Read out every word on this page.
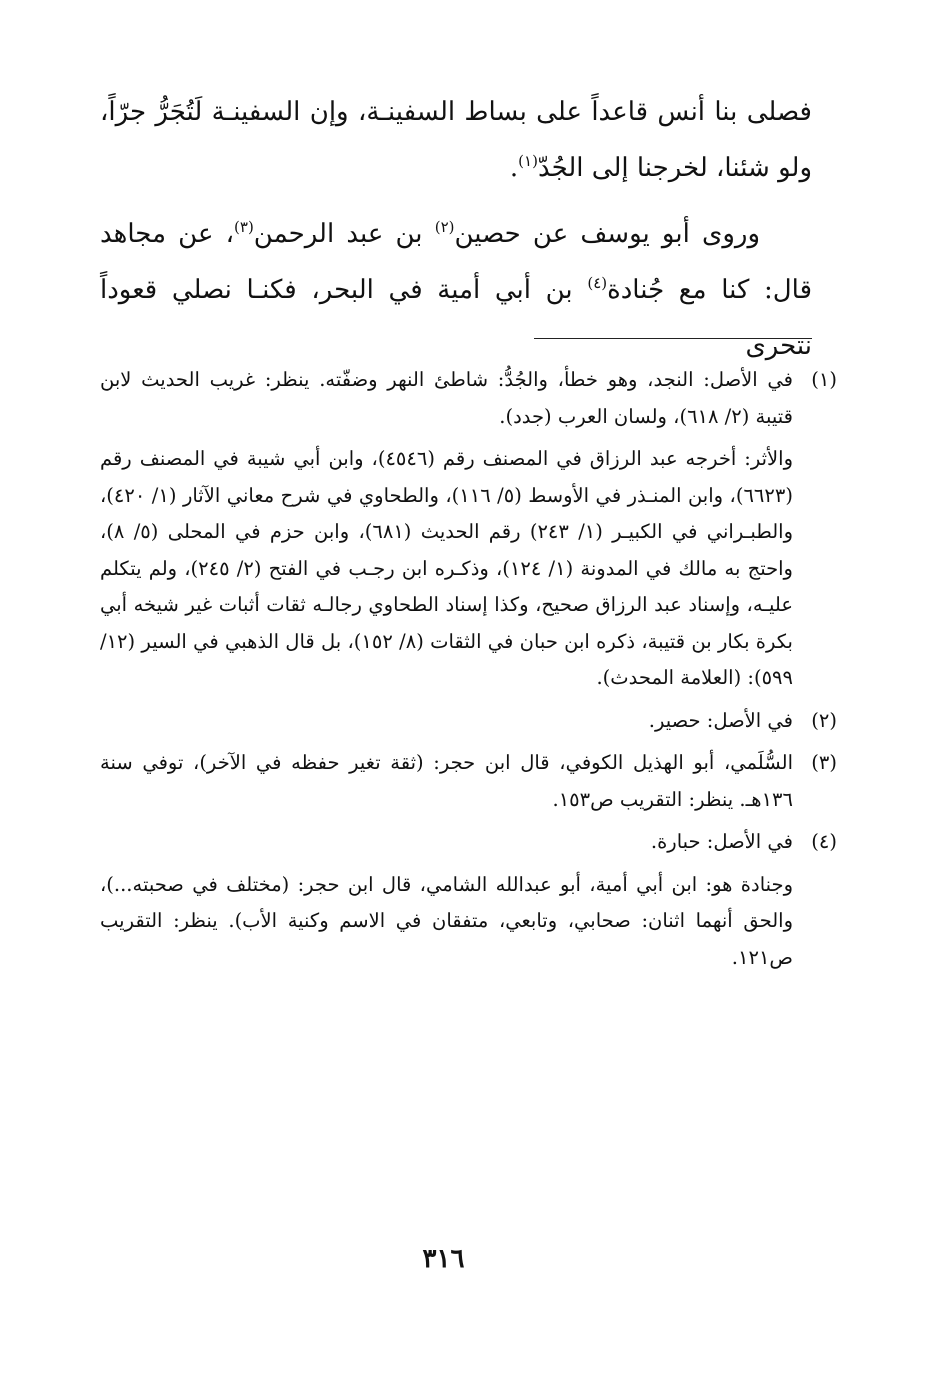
فصلى بنا أنس قاعداً على بساط السفينـة، وإن السفينـة لَتُجَرُّ جرّاً، ولو شئنا، لخرجنا إلى الجُدّ$^{(١)}$.

وروى أبو يوسف عن حصين$^{(٢)}$ بن عبد الرحمن$^{(٣)}$، عن مجاهد قال: كنا مع جُنادة$^{(٤)}$ بن أبي أمية في البحر، فكنـا نصلي قعوداً نتحرى

(١)

في الأصل: النجد، وهو خطأ، والجُدُّ: شاطئ النهر وضفّته. ينظر: غريب الحديث لابن قتيبة (٢/ ٦١٨)، ولسان العرب (جدد).

والأثر: أخرجه عبد الرزاق في المصنف رقم (٤٥٤٦)، وابن أبي شيبة في المصنف رقم (٦٦٢٣)، وابن المنـذر في الأوسط (٥/ ١١٦)، والطحاوي في شرح معاني الآثار (١/ ٤٢٠)، والطبـراني في الكبيـر (١/ ٢٤٣) رقم الحديث (٦٨١)، وابن حزم في المحلى (٥/ ٨)، واحتج به مالك في المدونة (١/ ١٢٤)، وذكـره ابن رجـب في الفتح (٢/ ٢٤٥)، ولم يتكلم عليـه، وإسناد عبد الرزاق صحيح، وكذا إسناد الطحاوي رجالـه ثقات أثبات غير شيخه أبي بكرة بكار بن قتيبة، ذكره ابن حبان في الثقات (٨/ ١٥٢)، بل قال الذهبي في السير (١٢/ ٥٩٩): (العلامة المحدث).

(٢)

في الأصل: حصير.

(٣)

السُّلَمي، أبو الهذيل الكوفي، قال ابن حجر: (ثقة تغير حفظه في الآخر)، توفي سنة ١٣٦هـ. ينظر: التقريب ص١٥٣.

(٤)

في الأصل: حبارة.

وجنادة هو: ابن أبي أمية، أبو عبدالله الشامي، قال ابن حجر: (مختلف في صحبته...)، والحق أنهما اثنان: صحابي، وتابعي، متفقان في الاسم وكنية الأب). ينظر: التقريب ص١٢١.

٣١٦
